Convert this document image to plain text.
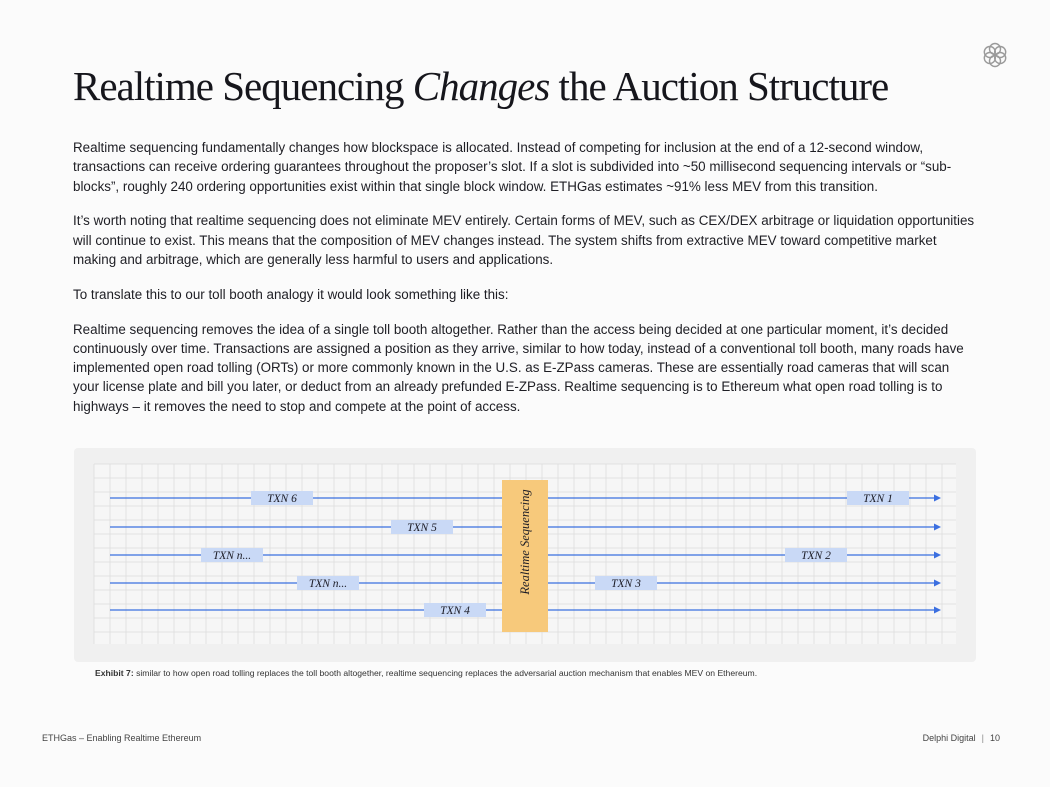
Realtime Sequencing Changes the Auction Structure

Realtime sequencing fundamentally changes how blockspace is allocated. Instead of competing for inclusion at the end of a 12-second window, transactions can receive ordering guarantees throughout the proposer’s slot. If a slot is subdivided into ~50 millisecond sequencing intervals or “sub-blocks”, roughly 240 ordering opportunities exist within that single block window. ETHGas estimates ~91% less MEV from this transition.

It’s worth noting that realtime sequencing does not eliminate MEV entirely. Certain forms of MEV, such as CEX/DEX arbitrage or liquidation opportunities will continue to exist. This means that the composition of MEV changes instead. The system shifts from extractive MEV toward competitive market making and arbitrage, which are generally less harmful to users and applications.

To translate this to our toll booth analogy it would look something like this:

Realtime sequencing removes the idea of a single toll booth altogether. Rather than the access being decided at one particular moment, it’s decided continuously over time. Transactions are assigned a position as they arrive, similar to how today, instead of a conventional toll booth, many roads have implemented open road tolling (ORTs) or more commonly known in the U.S. as E-ZPass cameras. These are essentially road cameras that will scan your license plate and bill you later, or deduct from an already prefunded E-ZPass. Realtime sequencing is to Ethereum what open road tolling is to highways – it removes the need to stop and compete at the point of access.

Realtime Sequencing
TXN 6	TXN 1
TXN 5
TXN n...	TXN 2
TXN n...	TXN 3
TXN 4
Exhibit 7: similar to how open road tolling replaces the toll booth altogether, realtime sequencing replaces the adversarial auction mechanism that enables MEV on Ethereum.
ETHGas – Enabling Realtime Ethereum	Delphi Digital | 10
